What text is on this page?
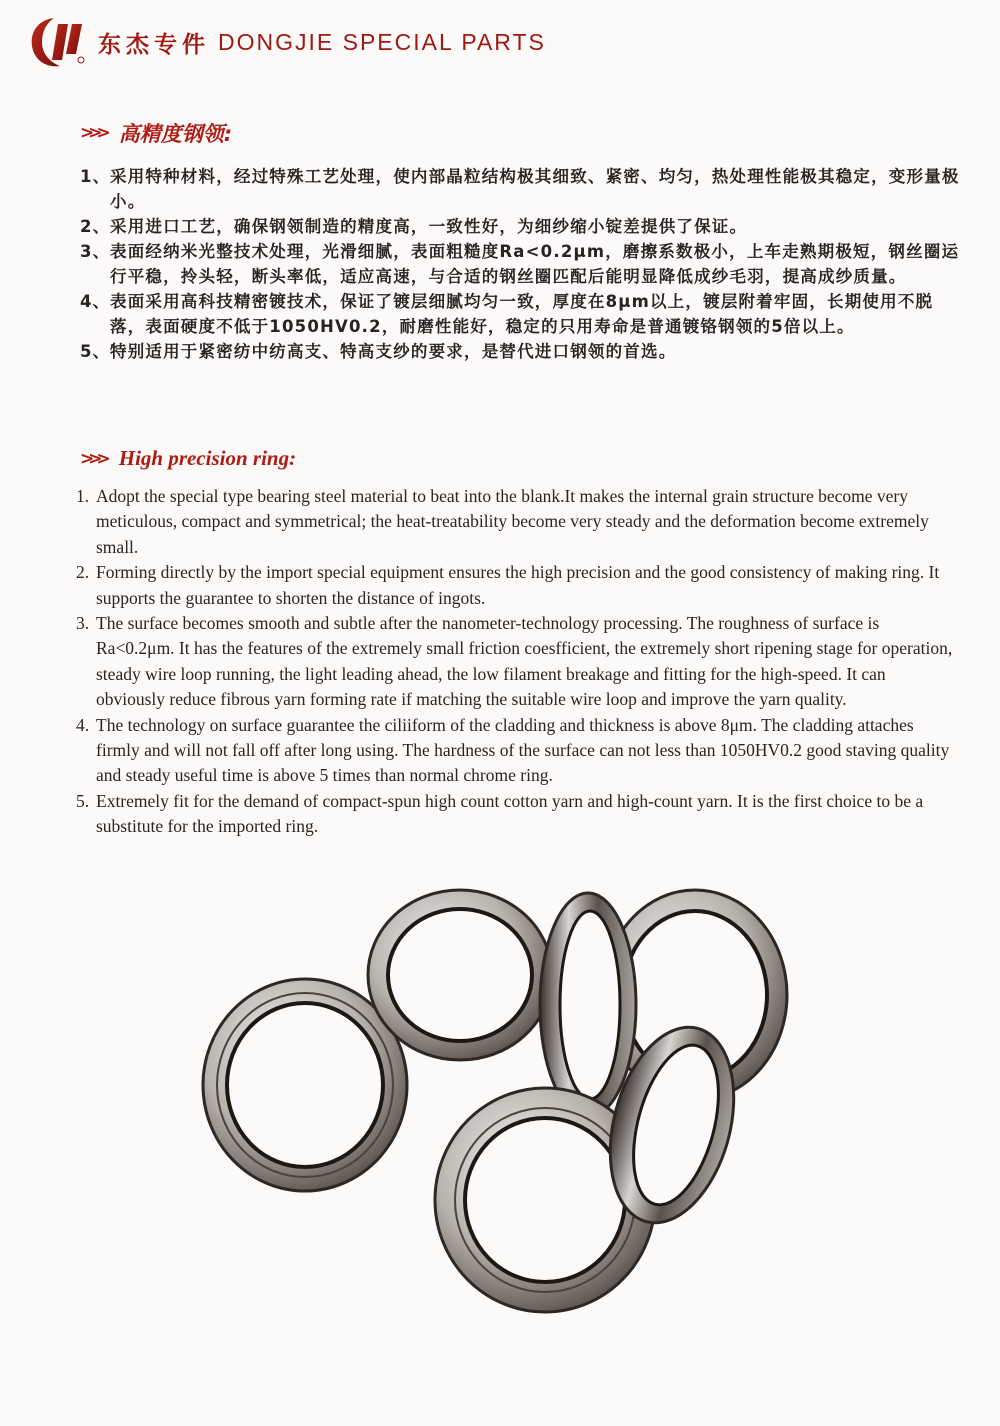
东杰专件 DONGJIE SPECIAL PARTS
>>> 高精度钢领:
1、 采用特种材料，经过特殊工艺处理，使内部晶粒结构极其细致、紧密、均匀，热处理性能极其稳定，变形量极小。
2、 采用进口工艺，确保钢领制造的精度高，一致性好，为细纱缩小锭差提供了保证。
3、 表面经纳米光整技术处理，光滑细腻，表面粗糙度Ra<0.2μm，磨擦系数极小，上车走熟期极短，钢丝圈运行平稳，拎头轻，断头率低，适应高速，与合适的钢丝圈匹配后能明显降低成纱毛羽，提高成纱质量。
4、 表面采用高科技精密镀技术，保证了镀层细腻均匀一致，厚度在8μm以上，镀层附着牢固，长期使用不脱落，表面硬度不低于1050HV0.2，耐磨性能好，稳定的只用寿命是普通镀铬钢领的5倍以上。
5、 特别适用于紧密纺中纺高支、特高支纱的要求，是替代进口钢领的首选。
>>> High precision ring:
1. Adopt the special type bearing steel material to beat into the blank.It makes the internal grain structure become very meticulous, compact and symmetrical; the heat-treatability become very steady and the deformation become extremely small.
2. Forming directly by the import special equipment ensures the high precision and the good consistency of making ring. It supports the guarantee to shorten the distance of ingots.
3. The surface becomes smooth and subtle after the nanometer-technology processing. The roughness of surface is Ra<0.2μm. It has the features of the extremely small friction coesfficient, the extremely short ripening stage for operation, steady wire loop running, the light leading ahead, the low filament breakage and fitting for the high-speed. It can obviously reduce fibrous yarn forming rate if matching the suitable wire loop and improve the yarn quality.
4. The technology on surface guarantee the ciliiform of the cladding and thickness is above 8μm. The cladding attaches firmly and will not fall off after long using. The hardness of the surface can not less than 1050HV0.2 good staving quality and steady useful time is above 5 times than normal chrome ring.
5. Extremely fit for the demand of compact-spun high count cotton yarn and high-count yarn. It is the first choice to be a substitute for the imported ring.
